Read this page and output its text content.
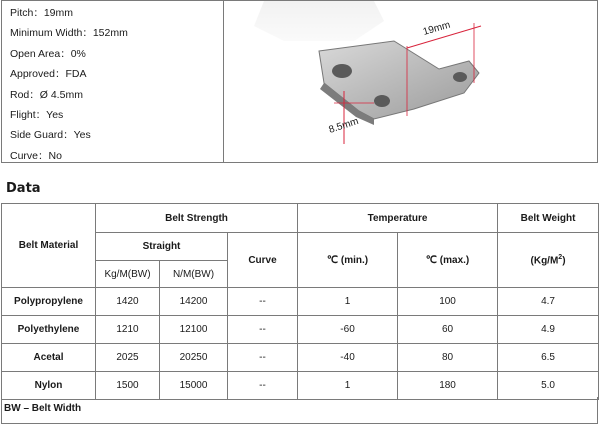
Pitch：19mm
Minimum Width：152mm
Open Area：0%
Approved：FDA
Rod：Ø 4.5mm
Flight：Yes
Side Guard：Yes
Curve：No
19mm
8.5mm
Data
Belt Material	Belt Strength			Temperature		Belt Weight
	Straight		Curve	℃ (min.)	℃ (max.)	$(Kg/M^2)$
	Kg/M(BW)	N/M(BW)				
Polypropylene	1420	14200	--	1	100	4.7
Polyethylene	1210	12100	--	-60	60	4.9
Acetal	2025	20250	--	-40	80	6.5
Nylon	1500	15000	--	1	180	5.0
BW – Belt Width
